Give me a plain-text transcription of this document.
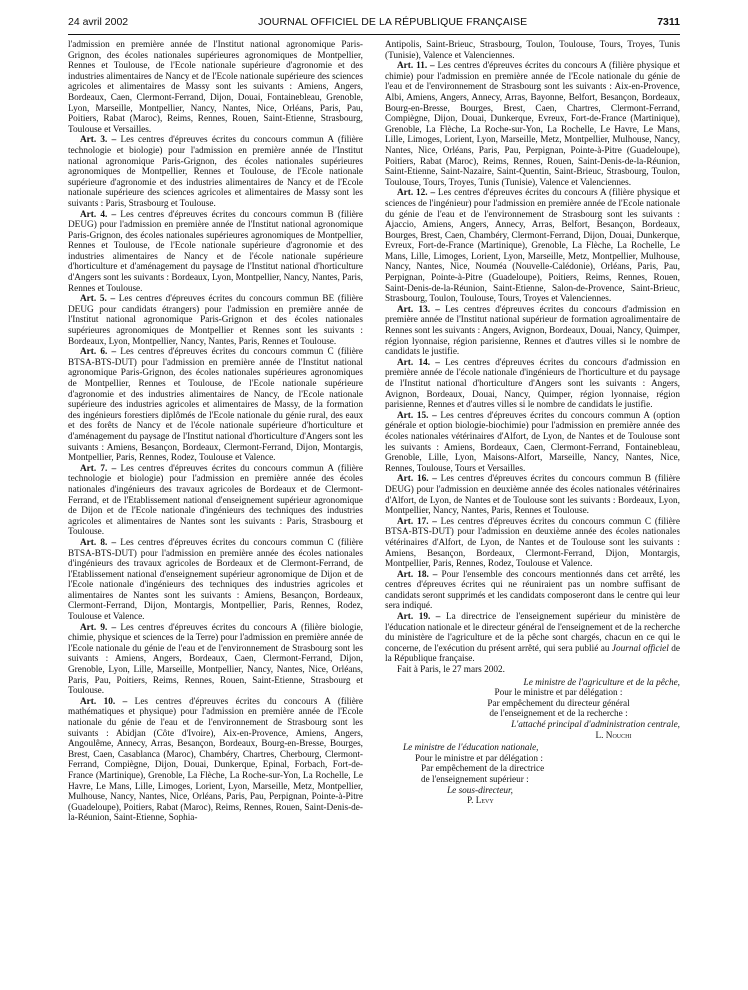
24 avril 2002	JOURNAL OFFICIEL DE LA RÉPUBLIQUE FRANÇAISE	7311

l'admission en première année de l'Institut national agronomique Paris-Grignon, des écoles nationales supérieures agronomiques de Montpellier, Rennes et Toulouse, de l'Ecole nationale supérieure d'agronomie et des industries alimentaires de Nancy et de l'Ecole nationale supérieure des sciences agricoles et alimentaires de Massy sont les suivants : Amiens, Angers, Bordeaux, Caen, Clermont-Ferrand, Dijon, Douai, Fontainebleau, Grenoble, Lyon, Marseille, Montpellier, Nancy, Nantes, Nice, Orléans, Paris, Pau, Poitiers, Rabat (Maroc), Reims, Rennes, Rouen, Saint-Etienne, Strasbourg, Toulouse et Versailles.

Art. 3. – Les centres d'épreuves écrites du concours commun A (filière technologie et biologie) pour l'admission en première année de l'Institut national agronomique Paris-Grignon, des écoles nationales supérieures agronomiques de Montpellier, Rennes et Toulouse, de l'Ecole nationale supérieure d'agronomie et des industries alimentaires de Nancy et de l'Ecole nationale supérieure des sciences agricoles et alimentaires de Massy sont les suivants : Paris, Strasbourg et Toulouse.

Art. 4. – Les centres d'épreuves écrites du concours commun B (filière DEUG) pour l'admission en première année de l'Institut national agronomique Paris-Grignon, des écoles nationales supérieures agronomiques de Montpellier, Rennes et Toulouse, de l'Ecole nationale supérieure d'agronomie et des industries alimentaires de Nancy et de l'école nationale supérieure d'horticulture et d'aménagement du paysage de l'Institut national d'horticulture d'Angers sont les suivants : Bordeaux, Lyon, Montpellier, Nancy, Nantes, Paris, Rennes et Toulouse.

Art. 5. – Les centres d'épreuves écrites du concours commun BE (filière DEUG pour candidats étrangers) pour l'admission en première année de l'Institut national agronomique Paris-Grignon et des écoles nationales supérieures agronomiques de Montpellier et Rennes sont les suivants : Bordeaux, Lyon, Montpellier, Nancy, Nantes, Paris, Rennes et Toulouse.

Art. 6. – Les centres d'épreuves écrites du concours commun C (filière BTSA-BTS-DUT) pour l'admission en première année de l'Institut national agronomique Paris-Grignon, des écoles nationales supérieures agronomiques de Montpellier, Rennes et Toulouse, de l'Ecole nationale supérieure d'agronomie et des industries alimentaires de Nancy, de l'Ecole nationale supérieure des industries agricoles et alimentaires de Massy, de la formation des ingénieurs forestiers diplômés de l'Ecole nationale du génie rural, des eaux et des forêts de Nancy et de l'école nationale supérieure d'horticulture et d'aménagement du paysage de l'Institut national d'horticulture d'Angers sont les suivants : Amiens, Besançon, Bordeaux, Clermont-Ferrand, Dijon, Montargis, Montpellier, Paris, Rennes, Rodez, Toulouse et Valence.

Art. 7. – Les centres d'épreuves écrites du concours commun A (filière technologie et biologie) pour l'admission en première année des écoles nationales d'ingénieurs des travaux agricoles de Bordeaux et de Clermont-Ferrand, et de l'Etablissement national d'enseignement supérieur agronomique de Dijon et de l'Ecole nationale d'ingénieurs des techniques des industries agricoles et alimentaires de Nantes sont les suivants : Paris, Strasbourg et Toulouse.

Art. 8. – Les centres d'épreuves écrites du concours commun C (filière BTSA-BTS-DUT) pour l'admission en première année des écoles nationales d'ingénieurs des travaux agricoles de Bordeaux et de Clermont-Ferrand, de l'Etablissement national d'enseignement supérieur agronomique de Dijon et de l'Ecole nationale d'ingénieurs des techniques des industries agricoles et alimentaires de Nantes sont les suivants : Amiens, Besançon, Bordeaux, Clermont-Ferrand, Dijon, Montargis, Montpellier, Paris, Rennes, Rodez, Toulouse et Valence.

Art. 9. – Les centres d'épreuves écrites du concours A (filière biologie, chimie, physique et sciences de la Terre) pour l'admission en première année de l'Ecole nationale du génie de l'eau et de l'environnement de Strasbourg sont les suivants : Amiens, Angers, Bordeaux, Caen, Clermont-Ferrand, Dijon, Grenoble, Lyon, Lille, Marseille, Montpellier, Nancy, Nantes, Nice, Orléans, Paris, Pau, Poitiers, Reims, Rennes, Rouen, Saint-Etienne, Strasbourg et Toulouse.

Art. 10. – Les centres d'épreuves écrites du concours A (filière mathématiques et physique) pour l'admission en première année de l'Ecole nationale du génie de l'eau et de l'environnement de Strasbourg sont les suivants : Abidjan (Côte d'Ivoire), Aix-en-Provence, Amiens, Angers, Angoulême, Annecy, Arras, Besançon, Bordeaux, Bourg-en-Bresse, Bourges, Brest, Caen, Casablanca (Maroc), Chambéry, Chartres, Cherbourg, Clermont-Ferrand, Compiègne, Dijon, Douai, Dunkerque, Epinal, Forbach, Fort-de-France (Martinique), Grenoble, La Flèche, La Roche-sur-Yon, La Rochelle, Le Havre, Le Mans, Lille, Limoges, Lorient, Lyon, Marseille, Metz, Montpellier, Mulhouse, Nancy, Nantes, Nice, Orléans, Paris, Pau, Perpignan, Pointe-à-Pitre (Guadeloupe), Poitiers, Rabat (Maroc), Reims, Rennes, Rouen, Saint-Denis-de-la-Réunion, Saint-Etienne, Sophia-

Antipolis, Saint-Brieuc, Strasbourg, Toulon, Toulouse, Tours, Troyes, Tunis (Tunisie), Valence et Valenciennes.

Art. 11. – Les centres d'épreuves écrites du concours A (filière physique et chimie) pour l'admission en première année de l'Ecole nationale du génie de l'eau et de l'environnement de Strasbourg sont les suivants : Aix-en-Provence, Albi, Amiens, Angers, Annecy, Arras, Bayonne, Belfort, Besançon, Bordeaux, Bourg-en-Bresse, Bourges, Brest, Caen, Chartres, Clermont-Ferrand, Compiègne, Dijon, Douai, Dunkerque, Evreux, Fort-de-France (Martinique), Grenoble, La Flèche, La Roche-sur-Yon, La Rochelle, Le Havre, Le Mans, Lille, Limoges, Lorient, Lyon, Marseille, Metz, Montpellier, Mulhouse, Nancy, Nantes, Nice, Orléans, Paris, Pau, Perpignan, Pointe-à-Pitre (Guadeloupe), Poitiers, Rabat (Maroc), Reims, Rennes, Rouen, Saint-Denis-de-la-Réunion, Saint-Etienne, Saint-Nazaire, Saint-Quentin, Saint-Brieuc, Strasbourg, Toulon, Toulouse, Tours, Troyes, Tunis (Tunisie), Valence et Valenciennes.

Art. 12. – Les centres d'épreuves écrites du concours A (filière physique et sciences de l'ingénieur) pour l'admission en première année de l'Ecole nationale du génie de l'eau et de l'environnement de Strasbourg sont les suivants : Ajaccio, Amiens, Angers, Annecy, Arras, Belfort, Besançon, Bordeaux, Bourges, Brest, Caen, Chambéry, Clermont-Ferrand, Dijon, Douai, Dunkerque, Evreux, Fort-de-France (Martinique), Grenoble, La Flèche, La Rochelle, Le Mans, Lille, Limoges, Lorient, Lyon, Marseille, Metz, Montpellier, Mulhouse, Nancy, Nantes, Nice, Nouméa (Nouvelle-Calédonie), Orléans, Paris, Pau, Perpignan, Pointe-à-Pitre (Guadeloupe), Poitiers, Reims, Rennes, Rouen, Saint-Denis-de-la-Réunion, Saint-Etienne, Salon-de-Provence, Saint-Brieuc, Strasbourg, Toulon, Toulouse, Tours, Troyes et Valenciennes.

Art. 13. – Les centres d'épreuves écrites du concours d'admission en première année de l'Institut national supérieur de formation agroalimentaire de Rennes sont les suivants : Angers, Avignon, Bordeaux, Douai, Nancy, Quimper, région lyonnaise, région parisienne, Rennes et d'autres villes si le nombre de candidats le justifie.

Art. 14. – Les centres d'épreuves écrites du concours d'admission en première année de l'école nationale d'ingénieurs de l'horticulture et du paysage de l'Institut national d'horticulture d'Angers sont les suivants : Angers, Avignon, Bordeaux, Douai, Nancy, Quimper, région lyonnaise, région parisienne, Rennes et d'autres villes si le nombre de candidats le justifie.

Art. 15. – Les centres d'épreuves écrites du concours commun A (option générale et option biologie-biochimie) pour l'admission en première année des écoles nationales vétérinaires d'Alfort, de Lyon, de Nantes et de Toulouse sont les suivants : Amiens, Bordeaux, Caen, Clermont-Ferrand, Fontainebleau, Grenoble, Lille, Lyon, Maisons-Alfort, Marseille, Nancy, Nantes, Nice, Rennes, Toulouse, Tours et Versailles.

Art. 16. – Les centres d'épreuves écrites du concours commun B (filière DEUG) pour l'admission en deuxième année des écoles nationales vétérinaires d'Alfort, de Lyon, de Nantes et de Toulouse sont les suivants : Bordeaux, Lyon, Montpellier, Nancy, Nantes, Paris, Rennes et Toulouse.

Art. 17. – Les centres d'épreuves écrites du concours commun C (filière BTSA-BTS-DUT) pour l'admission en deuxième année des écoles nationales vétérinaires d'Alfort, de Lyon, de Nantes et de Toulouse sont les suivants : Amiens, Besançon, Bordeaux, Clermont-Ferrand, Dijon, Montargis, Montpellier, Paris, Rennes, Rodez, Toulouse et Valence.

Art. 18. – Pour l'ensemble des concours mentionnés dans cet arrêté, les centres d'épreuves écrites qui ne réuniraient pas un nombre suffisant de candidats seront supprimés et les candidats composeront dans le centre qui leur sera indiqué.

Art. 19. – La directrice de l'enseignement supérieur du ministère de l'éducation nationale et le directeur général de l'enseignement et de la recherche du ministère de l'agriculture et de la pêche sont chargés, chacun en ce qui le concerne, de l'exécution du présent arrêté, qui sera publié au Journal officiel de la République française.

Fait à Paris, le 27 mars 2002.

Le ministre de l'agriculture et de la pêche,

Pour le ministre et par délégation :

Par empêchement du directeur général

de l'enseignement et de la recherche :

L'attaché principal d'administration centrale,

L. Nouchi

Le ministre de l'éducation nationale,

Pour le ministre et par délégation :

Par empêchement de la directrice

de l'enseignement supérieur :

Le sous-directeur,

P. Levy
